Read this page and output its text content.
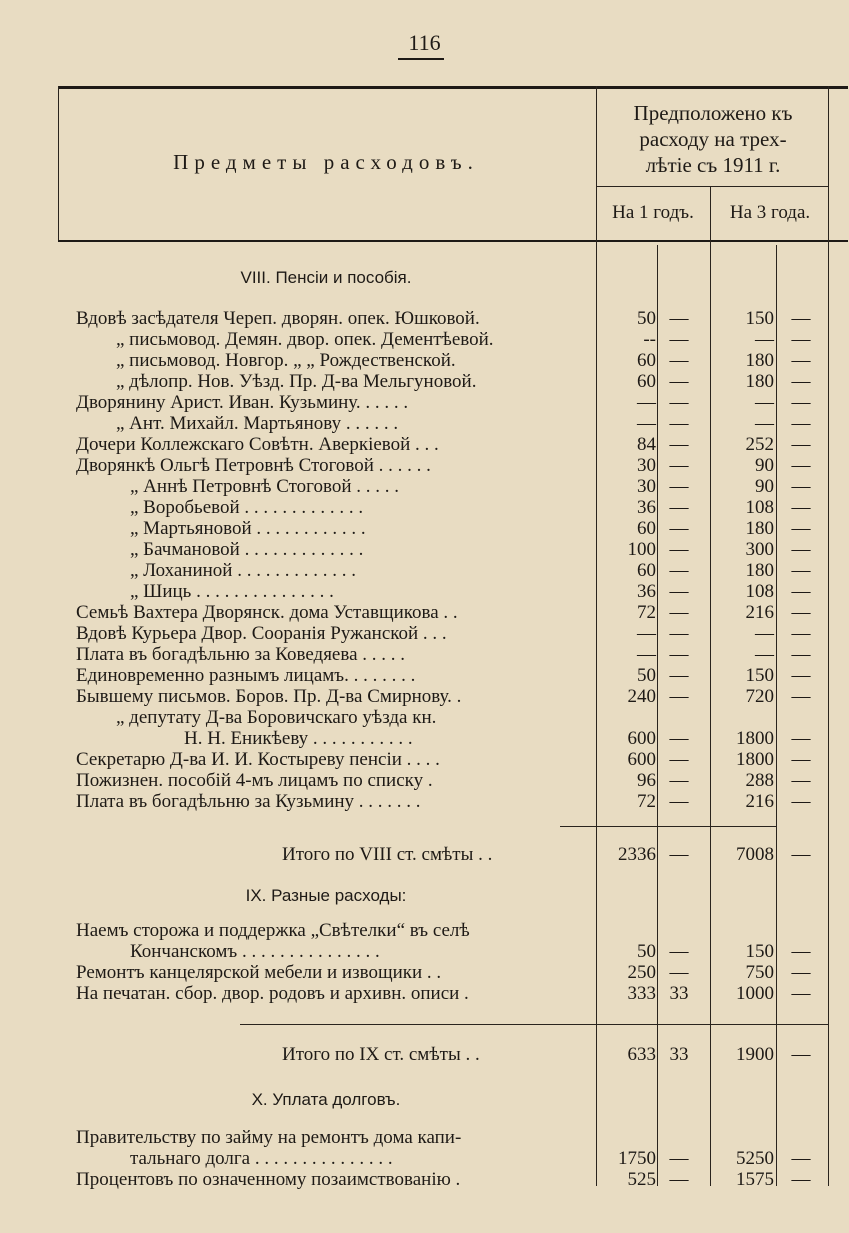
116
Предметы расходовъ.
Предположено къ
расходу на трех-
лѣтіе съ 1911 г.
На 1 годъ.	На 3 года.
VIII. Пенсіи и пособія.
Вдовѣ засѣдателя Череп. дворян. опек. Юшковой.	50 —	150 —
„ письмовод. Демян. двор. опек. Дементѣевой.	-- —	— —
„ письмовод. Новгор. „ „ Рождественской.	60 —	180 —
„ дѣлопр. Нов. Уѣзд. Пр. Д-ва Мельгуновой.	60 —	180 —
Дворянину Арист. Иван. Кузьмину. . . . . .	— —	— —
„ Ант. Михайл. Мартьянову . . . . . .	— —	— —
Дочери Коллежскаго Совѣтн. Аверкіевой . . .	84 —	252 —
Дворянкѣ Ольгѣ Петровнѣ Стоговой . . . . . .	30 —	90 —
„ Аннѣ Петровнѣ Стоговой . . . . .	30 —	90 —
„ Воробьевой . . . . . . . . . . . . .	36 —	108 —
„ Мартьяновой . . . . . . . . . . . .	60 —	180 —
„ Бачмановой . . . . . . . . . . . . .	100 —	300 —
„ Лоханиной . . . . . . . . . . . . .	60 —	180 —
„ Шиць . . . . . . . . . . . . . . .	36 —	108 —
Семьѣ Вахтера Дворянск. дома Уставщикова . .	72 —	216 —
Вдовѣ Курьера Двор. Сооранія Ружанской . . .	— —	— —
Плата въ богадѣльню за Коведяева . . . . .	— —	— —
Единовременно разнымъ лицамъ. . . . . . . .	50 —	150 —
Бывшему письмов. Боров. Пр. Д-ва Смирнову. .	240 —	720 —
„ депутату Д-ва Боровичскаго уѣзда кн.
Н. Н. Еникѣеву . . . . . . . . . . .	600 —	1800 —
Секретарю Д-ва И. И. Костыреву пенсіи . . . .	600 —	1800 —
Пожизнен. пособій 4-мъ лицамъ по списку .	96 —	288 —
Плата въ богадѣльню за Кузьмину . . . . . . .	72 —	216 —
Итого по VIII ст. смѣты . .	2336 —	7008 —
IX. Разные расходы:
Наемъ сторожа и поддержка „Свѣтелки“ въ селѣ
Кончанскомъ . . . . . . . . . . . . . . .	50 —	150 —
Ремонтъ канцелярской мебели и извощики . .	250 —	750 —
На печатан. сбор. двор. родовъ и архивн. описи .	333 33	1000 —
Итого по IX ст. смѣты . .	633 33	1900 —
X. Уплата долговъ.
Правительству по займу на ремонтъ дома капи-
тальнаго долга . . . . . . . . . . . . . . .	1750 —	5250 —
Процентовъ по означенному позаимствованію .	525 —	1575 —
